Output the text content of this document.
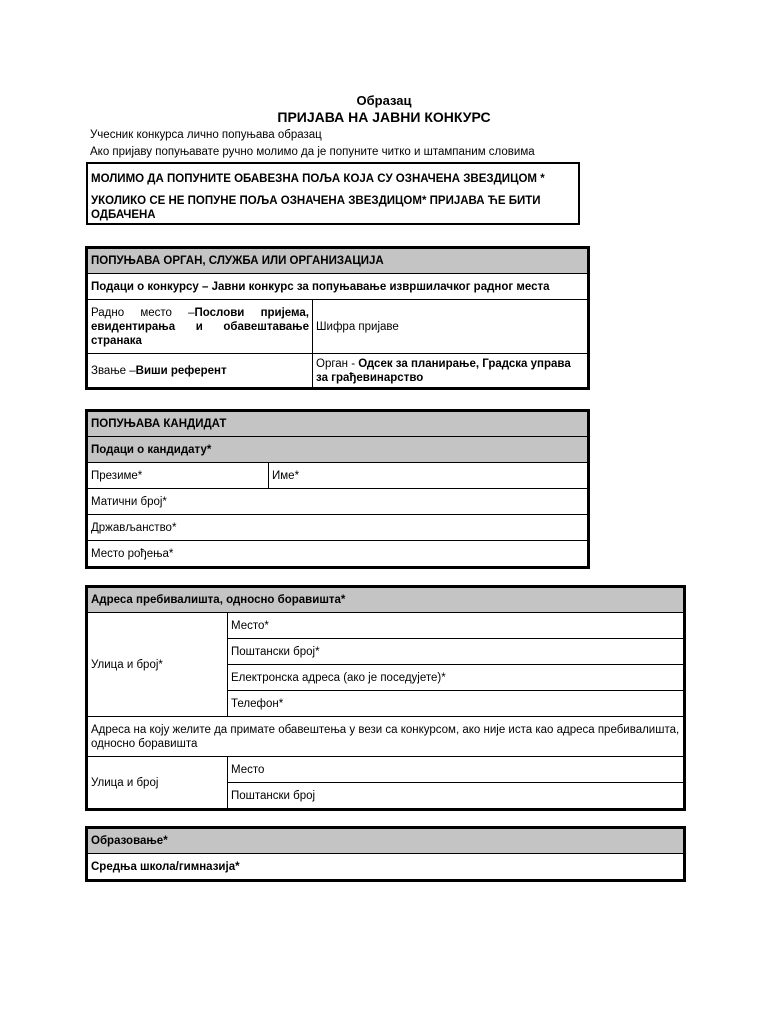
Образац
ПРИЈАВА НА ЈАВНИ КОНКУРС
Учесник конкурса лично попуњава образац
Ако пријаву попуњавате ручно молимо да је попуните читко и штампаним словима

МОЛИМО ДА ПОПУНИТЕ ОБАВЕЗНА ПОЉА КОЈА СУ ОЗНАЧЕНА ЗВЕЗДИЦОМ *

УКОЛИКО СЕ НЕ ПОПУНЕ ПОЉА ОЗНАЧЕНА ЗВЕЗДИЦОМ* ПРИЈАВА ЋЕ БИТИ ОДБАЧЕНА

ПОПУЊАВА ОРГАН, СЛУЖБА ИЛИ ОРГАНИЗАЦИЈА	
Подаци о конкурсу – Јавни конкурс за попуњавање извршилачког радног места	
Радно место –Послови пријема, евидентирања и обавештавање странака	Шифра пријаве
Звање –Виши референт	Орган - Одсек за планирање, Градска управа за грађевинарство
ПОПУЊАВА КАНДИДАТ
Подаци о кандидату*
Презиме*	Име*
Матични број*
Држављанство*
Место рођења*
Адреса пребивалишта, односно боравишта*	
Улица и број*	Место*
	Поштански број*
	Електронска адреса (ако је поседујете)*
	Телефон*
Адреса на коју желите да примате обавештења у вези са конкурсом, ако није иста као адреса пребивалишта, односно боравишта	
Улица и број	Место
	Поштански број
Образовање*
Средња школа/гимназија*
